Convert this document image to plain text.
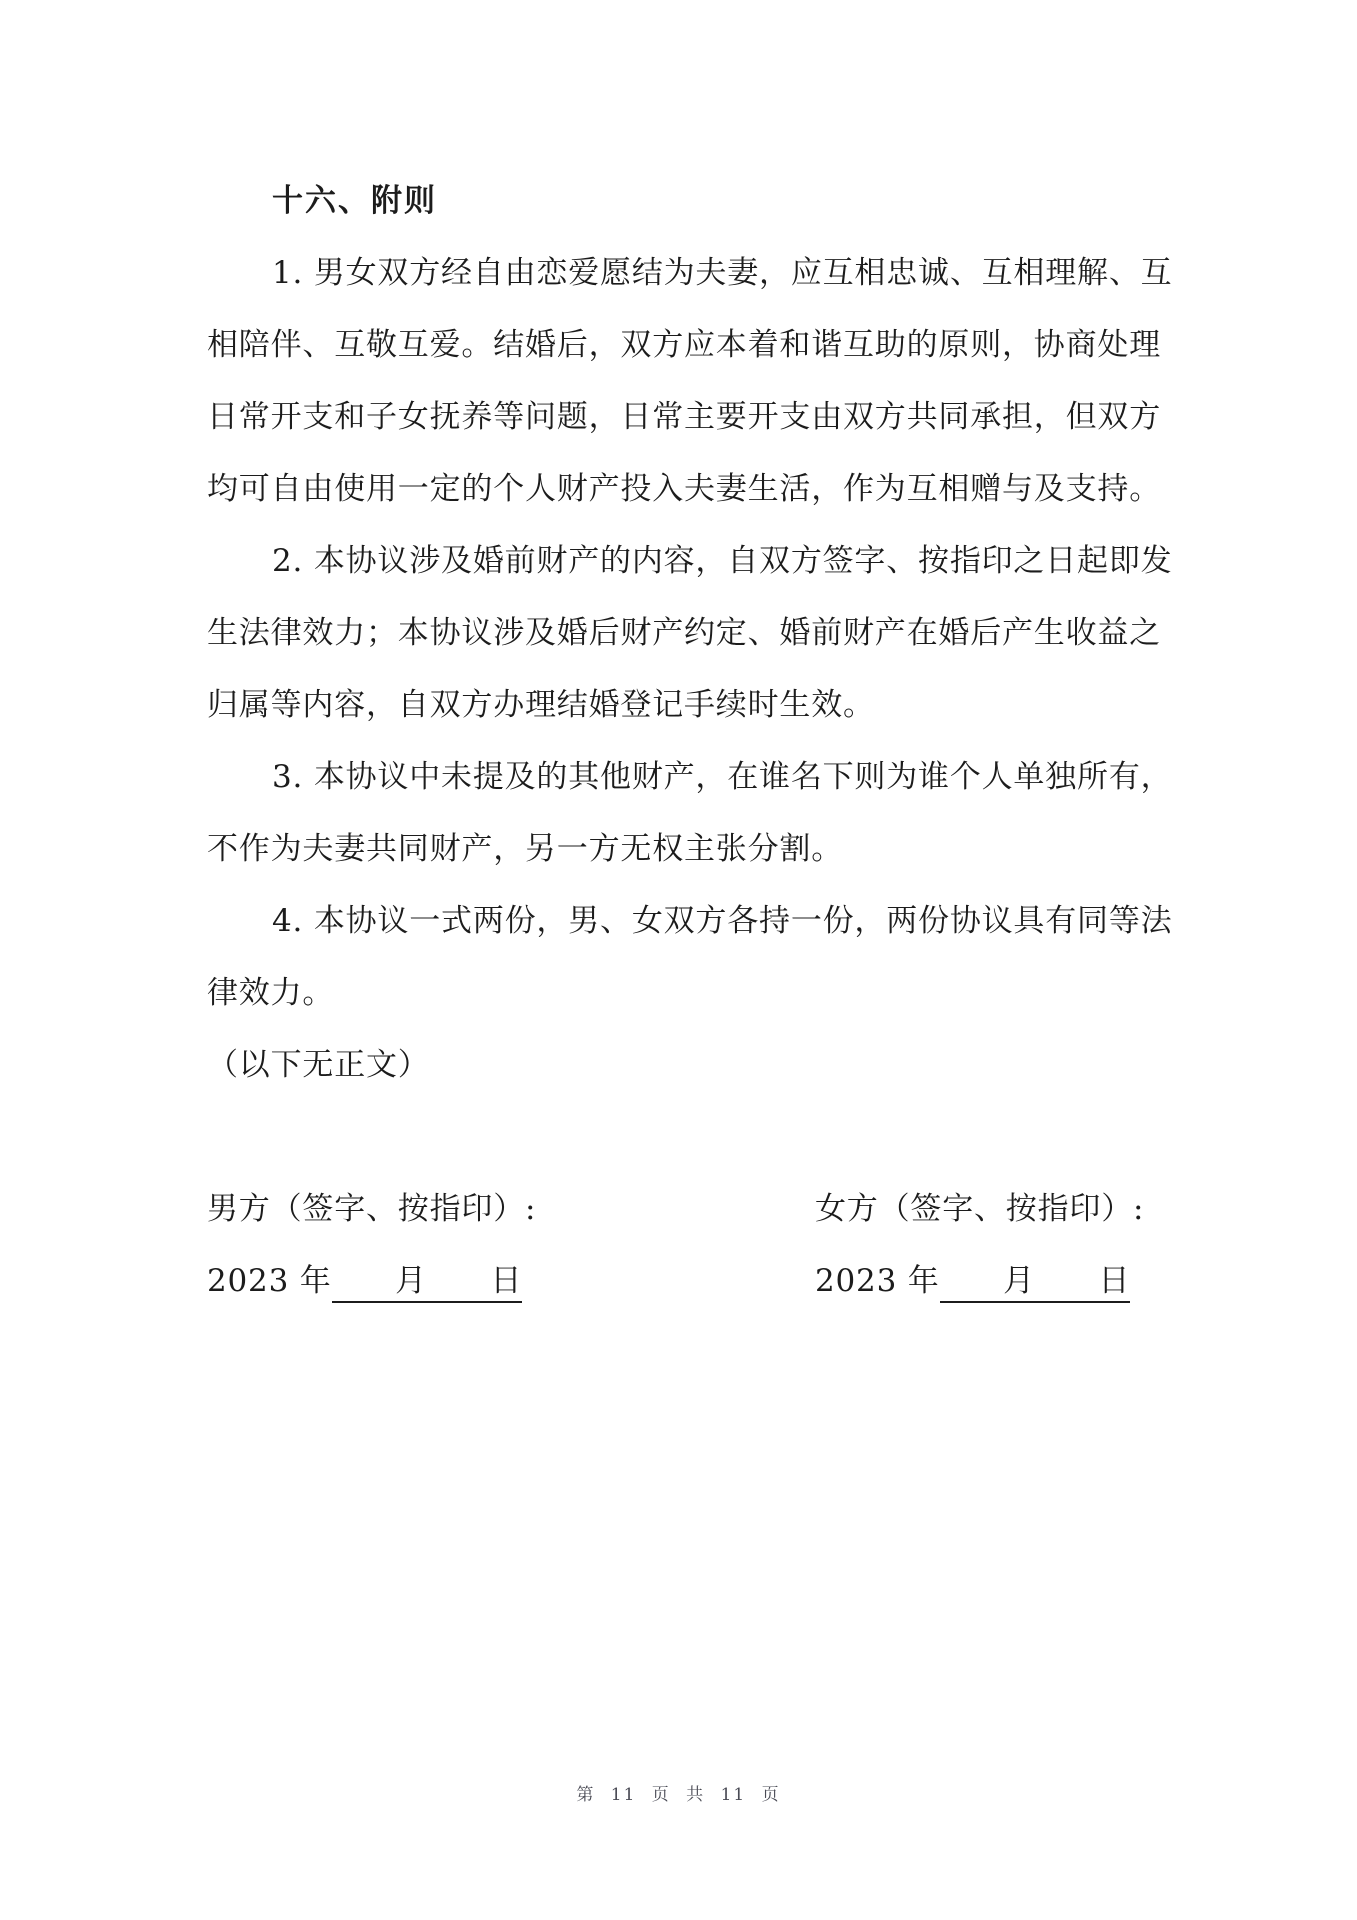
十六、附则
1. 男女双方经自由恋爱愿结为夫妻，应互相忠诚、互相理解、互
相陪伴、互敬互爱。结婚后，双方应本着和谐互助的原则，协商处理
日常开支和子女抚养等问题，日常主要开支由双方共同承担，但双方
均可自由使用一定的个人财产投入夫妻生活，作为互相赠与及支持。
2. 本协议涉及婚前财产的内容，自双方签字、按指印之日起即发
生法律效力；本协议涉及婚后财产约定、婚前财产在婚后产生收益之
归属等内容，自双方办理结婚登记手续时生效。
3. 本协议中未提及的其他财产，在谁名下则为谁个人单独所有，
不作为夫妻共同财产，另一方无权主张分割。
4. 本协议一式两份，男、女双方各持一份，两份协议具有同等法
律效力。
（以下无正文）
男方（签字、按指印）:
2023 年　　月　　日
女方（签字、按指印）:
2023 年　　月　　日
第 11 页 共 11 页
